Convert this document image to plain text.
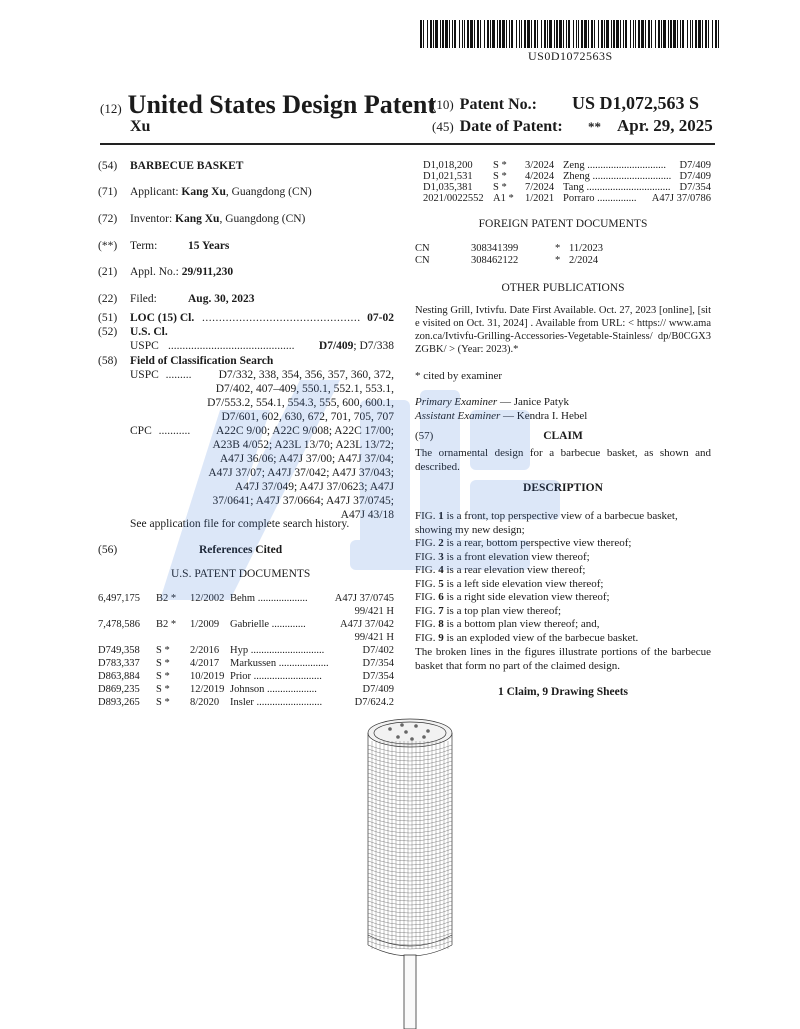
US0D1072563S
(12) United States Design Patent
Xu
(10) Patent No.: US D1,072,563 S
(45) Date of Patent: ** Apr. 29, 2025
(54)	BARBECUE BASKET
(71)	Applicant: Kang Xu, Guangdong (CN)
(72)	Inventor: Kang Xu, Guangdong (CN)
(**)	Term:	15 Years
(21)	Appl. No.: 29/911,230
(22)	Filed:	Aug. 30, 2023
(51)	LOC (15) Cl. ............................................... 07-02
(52)	U.S. Cl.
USPC ............................................ D7/409; D7/338
(58)	Field of Classification Search
USPC ......... D7/332, 338, 354, 356, 357, 360, 372,
D7/402, 407–409, 550.1, 552.1, 553.1,
D7/553.2, 554.1, 554.3, 555, 600, 600.1,
D7/601, 602, 630, 672, 701, 705, 707
CPC ........... A22C 9/00; A22C 9/008; A22C 17/00;
A23B 4/052; A23L 13/70; A23L 13/72;
A47J 36/06; A47J 37/00; A47J 37/04;
A47J 37/07; A47J 37/042; A47J 37/043;
A47J 37/049; A47J 37/0623; A47J
37/0641; A47J 37/0664; A47J 37/0745;
A47J 43/18
See application file for complete search history.
(56)	References Cited
U.S. PATENT DOCUMENTS
6,497,175 B2 * 12/2002 Behm ...................	A47J 37/0745
99/421 H
7,478,586 B2 * 1/2009 Gabrielle .............	A47J 37/042
99/421 H
D749,358 S * 2/2016 Hyp ............................	D7/402
D783,337 S * 4/2017 Markussen ...................	D7/354
D863,884 S * 10/2019 Prior ..........................	D7/354
D869,235 S * 12/2019 Johnson ...................	D7/409
D893,265 S * 8/2020 Insler .........................	D7/624.2
D1,018,200 S * 3/2024 Zeng .............................. D7/409
D1,021,531 S * 4/2024 Zheng .............................. D7/409
D1,035,381 S * 7/2024 Tang ................................ D7/354
2021/0022552 A1 * 1/2021 Porraro ............... A47J 37/0786
FOREIGN PATENT DOCUMENTS
CN	308341399	* 11/2023
CN	308462122	* 2/2024
OTHER PUBLICATIONS
Nesting Grill, Ivtivfu. Date First Available. Oct. 27, 2023 [online], [site visited on Oct. 31, 2024] . Available from URL: < https:// www.amazon.ca/Ivtivfu-Grilling-Accessories-Vegetable-Stainless/ dp/B0CGX3ZGBK/ > (Year: 2023).*
* cited by examiner
Primary Examiner — Janice Patyk
Assistant Examiner — Kendra I. Hebel
(57)	CLAIM
The ornamental design for a barbecue basket, as shown and described.
DESCRIPTION
FIG. 1 is a front, top perspective view of a barbecue basket,
showing my new design;
FIG. 2 is a rear, bottom perspective view thereof;
FIG. 3 is a front elevation view thereof;
FIG. 4 is a rear elevation view thereof;
FIG. 5 is a left side elevation view thereof;
FIG. 6 is a right side elevation view thereof;
FIG. 7 is a top plan view thereof;
FIG. 8 is a bottom plan view thereof; and,
FIG. 9 is an exploded view of the barbecue basket.
The broken lines in the figures illustrate portions of the barbecue basket that form no part of the claimed design.
1 Claim, 9 Drawing Sheets
